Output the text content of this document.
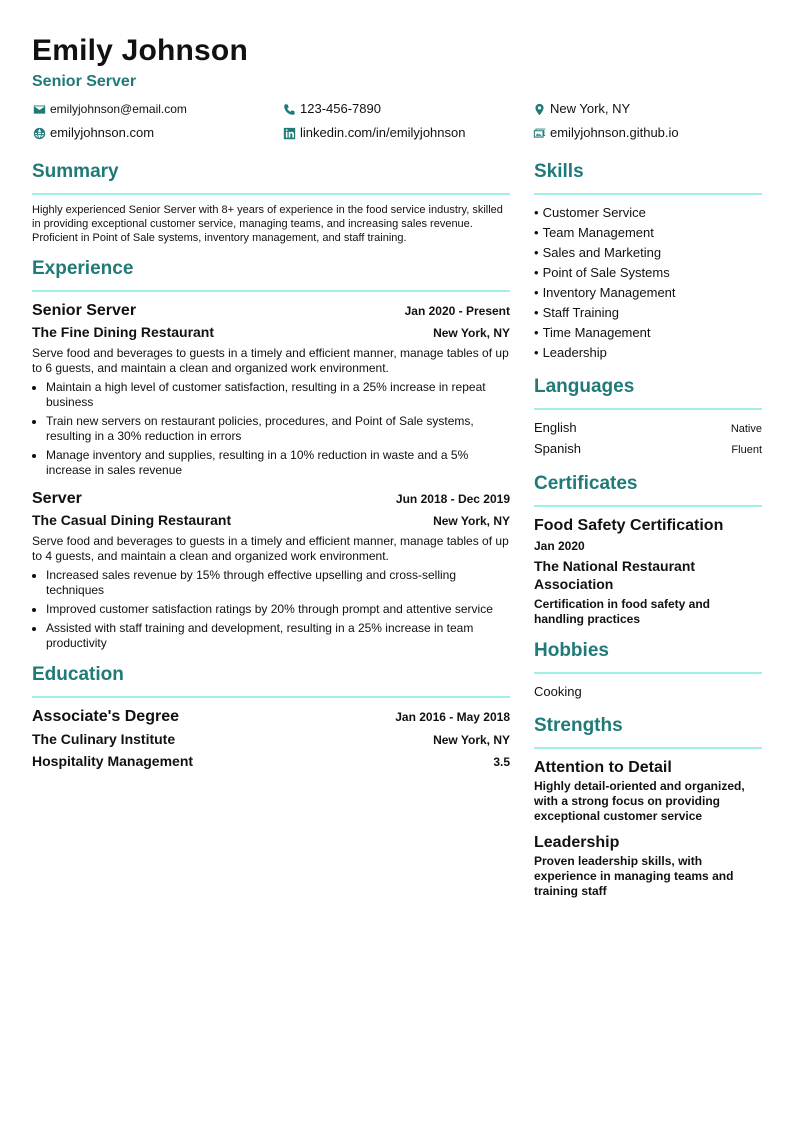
Emily Johnson
Senior Server
emilyjohnson@email.com	123-456-7890	New York, NY
emilyjohnson.com	linkedin.com/in/emilyjohnson	emilyjohnson.github.io
Summary

Highly experienced Senior Server with 8+ years of experience in the food service industry, skilled in providing exceptional customer service, managing teams, and increasing sales revenue. Proficient in Point of Sale systems, inventory management, and staff training.

Experience
Senior Server	Jan 2020 - Present
The Fine Dining Restaurant	New York, NY
Serve food and beverages to guests in a timely and efficient manner, manage tables of up to 6 guests, and maintain a clean and organized work environment.
• Maintain a high level of customer satisfaction, resulting in a 25% increase in repeat business
• Train new servers on restaurant policies, procedures, and Point of Sale systems, resulting in a 30% reduction in errors
• Manage inventory and supplies, resulting in a 10% reduction in waste and a 5% increase in sales revenue
Server	Jun 2018 - Dec 2019
The Casual Dining Restaurant	New York, NY
Serve food and beverages to guests in a timely and efficient manner, manage tables of up to 4 guests, and maintain a clean and organized work environment.
• Increased sales revenue by 15% through effective upselling and cross-selling techniques
• Improved customer satisfaction ratings by 20% through prompt and attentive service
• Assisted with staff training and development, resulting in a 25% increase in team productivity
Education
Associate's Degree	Jan 2016 - May 2018
The Culinary Institute	New York, NY
Hospitality Management	3.5
Skills
• Customer Service
• Team Management
• Sales and Marketing
• Point of Sale Systems
• Inventory Management
• Staff Training
• Time Management
• Leadership
Languages
English	Native
Spanish	Fluent
Certificates
Food Safety Certification
Jan 2020
The National Restaurant Association
Certification in food safety and handling practices
Hobbies
Cooking
Strengths
Attention to Detail
Highly detail-oriented and organized, with a strong focus on providing exceptional customer service
Leadership
Proven leadership skills, with experience in managing teams and training staff
